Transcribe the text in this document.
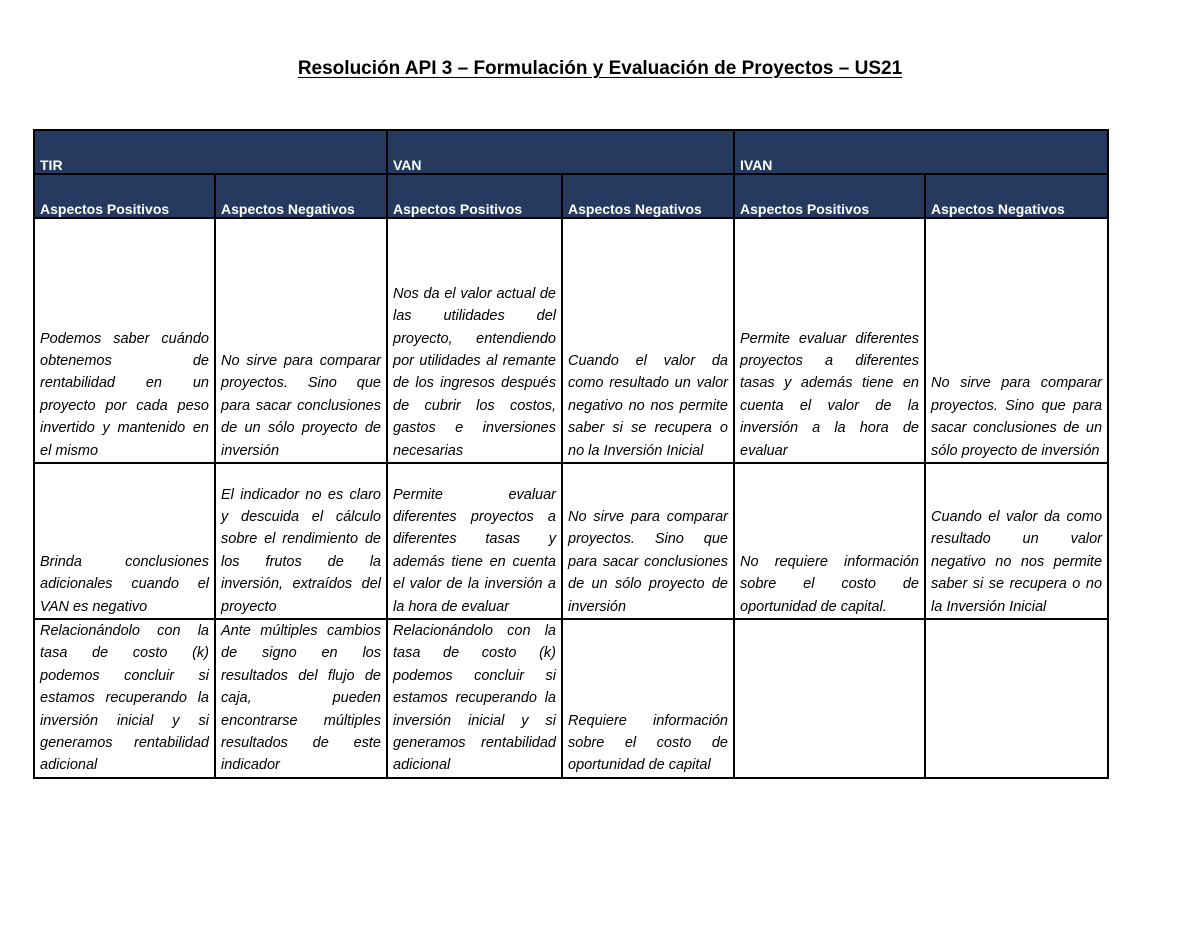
Resolución API 3 – Formulación y Evaluación de Proyectos – US21
TIR		VAN		IVAN	
Aspectos Positivos	Aspectos Negativos	Aspectos Positivos	Aspectos Negativos	Aspectos Positivos	Aspectos Negativos
Podemos saber cuándo obtenemos de rentabilidad en un proyecto por cada peso invertido y mantenido en el mismo	No sirve para comparar proyectos. Sino que para sacar conclusiones de un sólo proyecto de inversión	Nos da el valor actual de las utilidades del proyecto, entendiendo por utilidades al remante de los ingresos después de cubrir los costos, gastos e inversiones necesarias	Cuando el valor da como resultado un valor negativo no nos permite saber si se recupera o no la Inversión Inicial	Permite evaluar diferentes proyectos a diferentes tasas y además tiene en cuenta el valor de la inversión a la hora de evaluar	No sirve para comparar proyectos. Sino que para sacar conclusiones de un sólo proyecto de inversión
Brinda conclusiones adicionales cuando el VAN es negativo	El indicador no es claro y descuida el cálculo sobre el rendimiento de los frutos de la inversión, extraídos del proyecto	Permite evaluar diferentes proyectos a diferentes tasas y además tiene en cuenta el valor de la inversión a la hora de evaluar	No sirve para comparar proyectos. Sino que para sacar conclusiones de un sólo proyecto de inversión	No requiere información sobre el costo de oportunidad de capital.	Cuando el valor da como resultado un valor negativo no nos permite saber si se recupera o no la Inversión Inicial
Relacionándolo con la tasa de costo (k) podemos concluir si estamos recuperando la inversión inicial y si generamos rentabilidad adicional	Ante múltiples cambios de signo en los resultados del flujo de caja, pueden encontrarse múltiples resultados de este indicador	Relacionándolo con la tasa de costo (k) podemos concluir si estamos recuperando la inversión inicial y si generamos rentabilidad adicional	Requiere información sobre el costo de oportunidad de capital		
